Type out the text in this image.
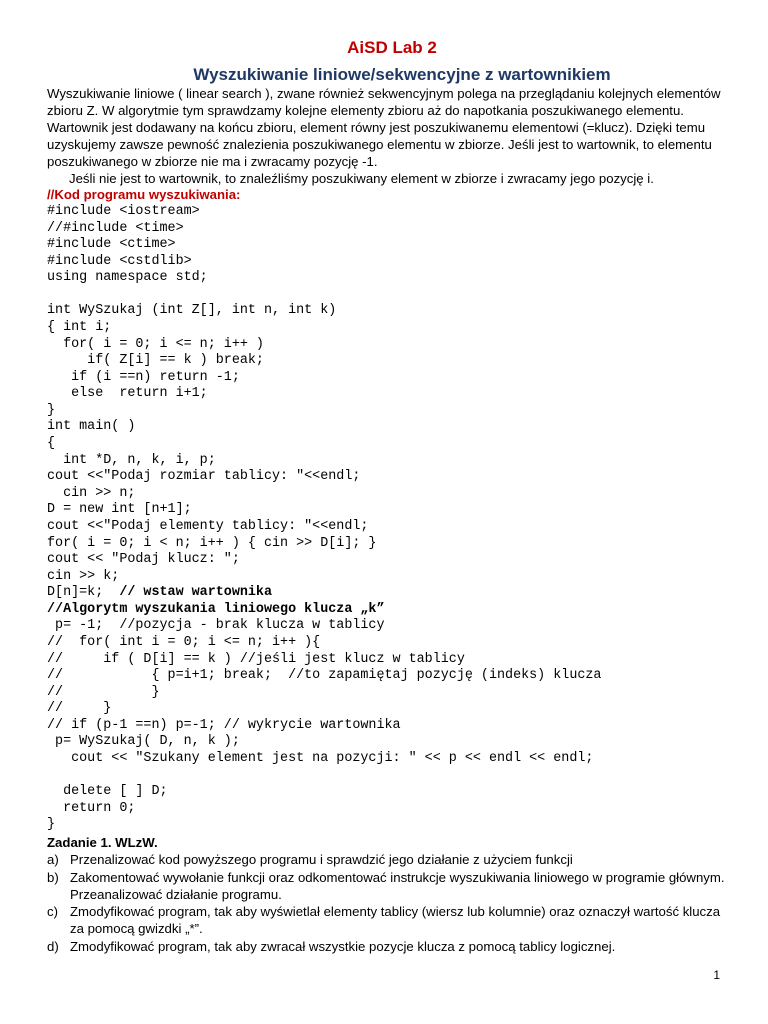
AiSD Lab 2
Wyszukiwanie liniowe/sekwencyjne z wartownikiem

Wyszukiwanie liniowe ( linear search ), zwane również sekwencyjnym polega na przeglądaniu kolejnych elementów zbioru Z. W algorytmie tym sprawdzamy kolejne elementy zbioru aż do napotkania poszukiwanego elementu. Wartownik jest dodawany na końcu zbioru, element równy jest poszukiwanemu elementowi (=klucz). Dzięki temu uzyskujemy zawsze pewność znalezienia poszukiwanego elementu w zbiorze. Jeśli jest to wartownik, to elementu poszukiwanego w zbiorze nie ma i zwracamy pozycję -1.

Jeśli nie jest to wartownik, to znaleźliśmy poszukiwany element w zbiorze i zwracamy jego pozycję i.

//Kod programu wyszukiwania:
#include <iostream>
//#include <time>
#include <ctime>
#include <cstdlib>
using namespace std;

int WySzukaj (int Z[], int n, int k)
{ int i;
for( i = 0; i <= n; i++ )
if( Z[i] == k ) break;
if (i ==n) return -1;
else  return i+1;
}
int main( )
{
int *D, n, k, i, p;
cout <<"Podaj rozmiar tablicy: "<<endl;
cin >> n;
D = new int [n+1];
cout <<"Podaj elementy tablicy: "<<endl;
for( i = 0; i < n; i++ ) { cin >> D[i]; }
cout << "Podaj klucz: ";
cin >> k;
D[n]=k;  // wstaw wartownika
//Algorytm wyszukania liniowego klucza „k”
p= -1;  //pozycja - brak klucza w tablicy
//  for( int i = 0; i <= n; i++ ){
//     if ( D[i] == k ) //jeśli jest klucz w tablicy
//           { p=i+1; break;  //to zapamiętaj pozycję (indeks) klucza
//           }
//     }
// if (p-1 ==n) p=-1; // wykrycie wartownika
p= WySzukaj( D, n, k );
cout << "Szukany element jest na pozycji: " << p << endl << endl;

delete [ ] D;
return 0;
}
Zadanie 1. WLzW.
a) Przenalizować kod powyższego programu i sprawdzić jego działanie z użyciem funkcji
b) Zakomentować wywołanie funkcji oraz odkomentować instrukcje wyszukiwania liniowego w programie głównym. Przeanalizować działanie programu.
c) Zmodyfikować program, tak aby wyświetlał elementy tablicy (wiersz lub kolumnie) oraz oznaczył wartość klucza za pomocą gwizdki „*”.
d) Zmodyfikować program, tak aby zwracał wszystkie pozycje klucza z pomocą tablicy logicznej.
1
